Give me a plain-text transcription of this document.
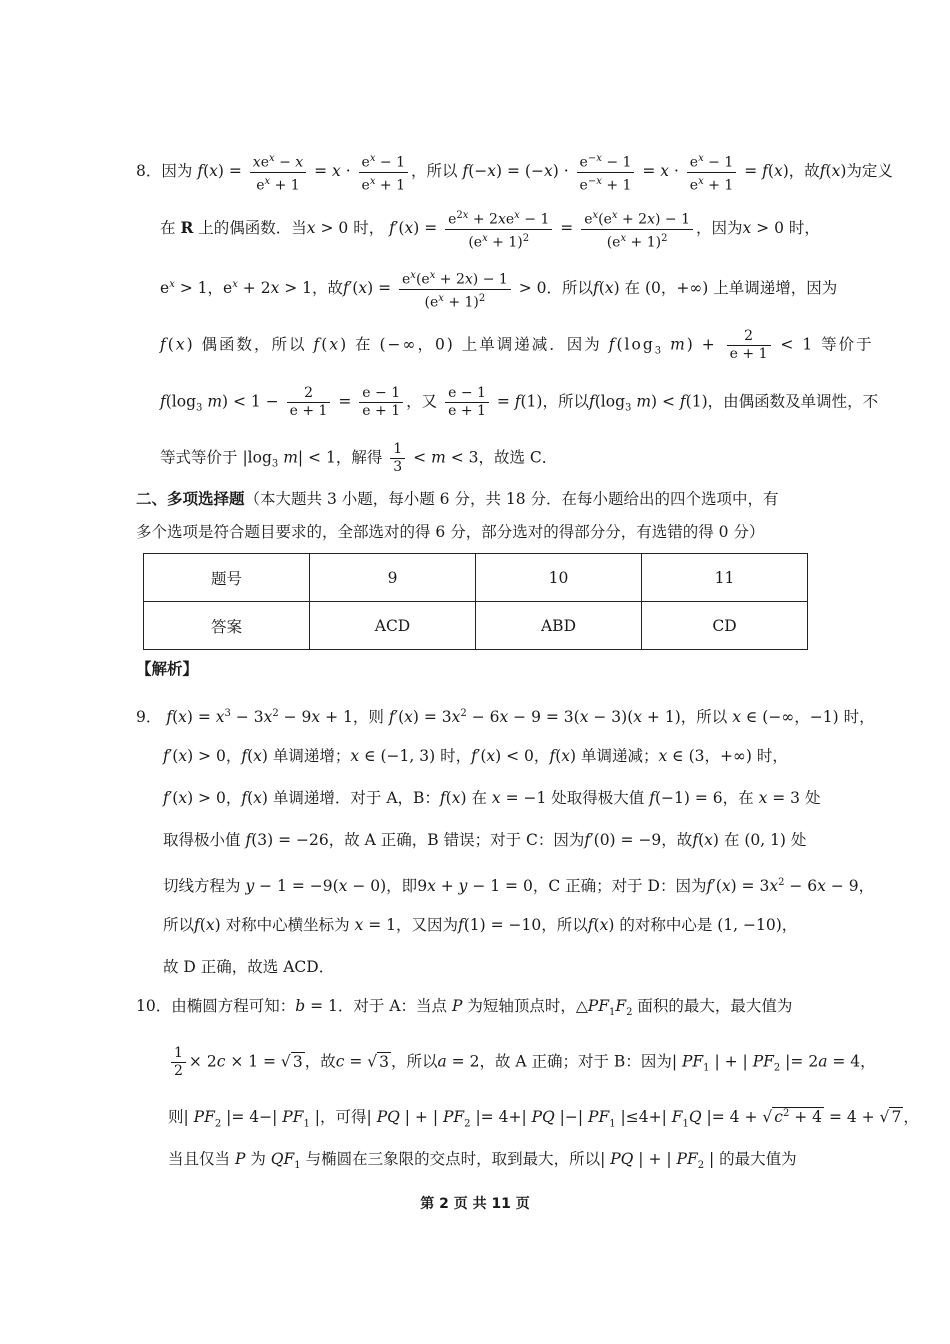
8．因为 $f(x) = \frac{xe^x - x}{e^x + 1} = x \cdot \frac{e^x - 1}{e^x + 1}$ ，所以 $f(-x) = (-x) \cdot \frac{e^{-x} - 1}{e^{-x} + 1} = x \cdot \frac{e^x - 1}{e^x + 1} = f(x)$，故f(x)为定义
在 R 上的偶函数．当x > 0 时， $f'(x) = \frac{e^{2x} + 2xe^x - 1}{(e^x + 1)^2} = \frac{e^x(e^x + 2x) - 1}{(e^x + 1)^2}$ ，因为x > 0 时，
$e^x > 1$，$e^x + 2x > 1$，故$f'(x) = \frac{e^x(e^x + 2x) - 1}{(e^x + 1)^2} > 0$．所以f(x) 在 (0，+∞) 上单调递增，因为
f(x) 偶函数，所以 f(x) 在 (−∞，0) 上单调递减．因为 $f(\log_3$ $m) + \frac{2}{e + 1} < 1$ 等价于
$f(\log_3$ $m) < 1 - \frac{2}{e + 1} = \frac{e - 1}{e + 1}$ ，又 $\frac{e - 1}{e + 1} = f(1)$，所以$f(\log_3$ m) < f(1)，由偶函数及单调性，不
等式等价于 $|\log_3$ m| < 1，解得 $\frac{1}{3} < m < 3$，故选 C．
二、多项选择题（本大题共 3 小题，每小题 6 分，共 18 分．在每小题给出的四个选项中，有
多个选项是符合题目要求的，全部选对的得 6 分，部分选对的得部分分，有选错的得 0 分）
题号	9	10	11
答案	ACD	ABD	CD
【解析】
9． $f(x) = x^3 - 3x^2 - 9x + 1$，则 $f'(x) = 3x^2 - 6x - 9 = 3(x - 3)(x + 1)$，所以 x ∈ (−∞，−1) 时，
f′(x) > 0，f(x) 单调递增；x ∈ (−1, 3) 时，f′(x) < 0，f(x) 单调递减；x ∈ (3，+∞) 时，
f′(x) > 0，f(x) 单调递增．对于 A，B：f(x) 在 x = −1 处取得极大值 f(−1) = 6，在 x = 3 处
取得极小值 f(3) = −26，故 A 正确，B 错误；对于 C：因为f′(0) = −9，故f(x) 在 (0, 1) 处
切线方程为 y − 1 = −9(x − 0)，即9x + y − 1 = 0，C 正确；对于 D：因为$f'(x) = 3x^2 - 6x - 9$，
所以f(x) 对称中心横坐标为 x = 1，又因为f(1) = −10，所以f(x) 的对称中心是 (1, −10)，
故 D 正确，故选 ACD．
10．由椭圆方程可知：b = 1．对于 A：当点 P 为短轴顶点时，$\triangle PF_1F_2$ 面积的最大，最大值为
$\frac{1}{2} \times 2c \times 1$ = √ 3 ，故c = √ 3 ，所以a = 2，故 A 正确；对于 B：因为| $PF_1$ | + | $PF_2$ |= 2a = 4，
则| $PF_2$ |= 4−| $PF_1$ |，可得| PQ | + | $PF_2$ |= 4+| PQ |−| $PF_1$ |≤4+| $F_1Q$ |= 4 + √ $c^2 + 4 = 4$ + √ 7 ，
当且仅当 P 为 $QF_1$ 与椭圆在三象限的交点时，取到最大，所以| PQ | + | $PF_2$ | 的最大值为
第 2 页 共 11 页
